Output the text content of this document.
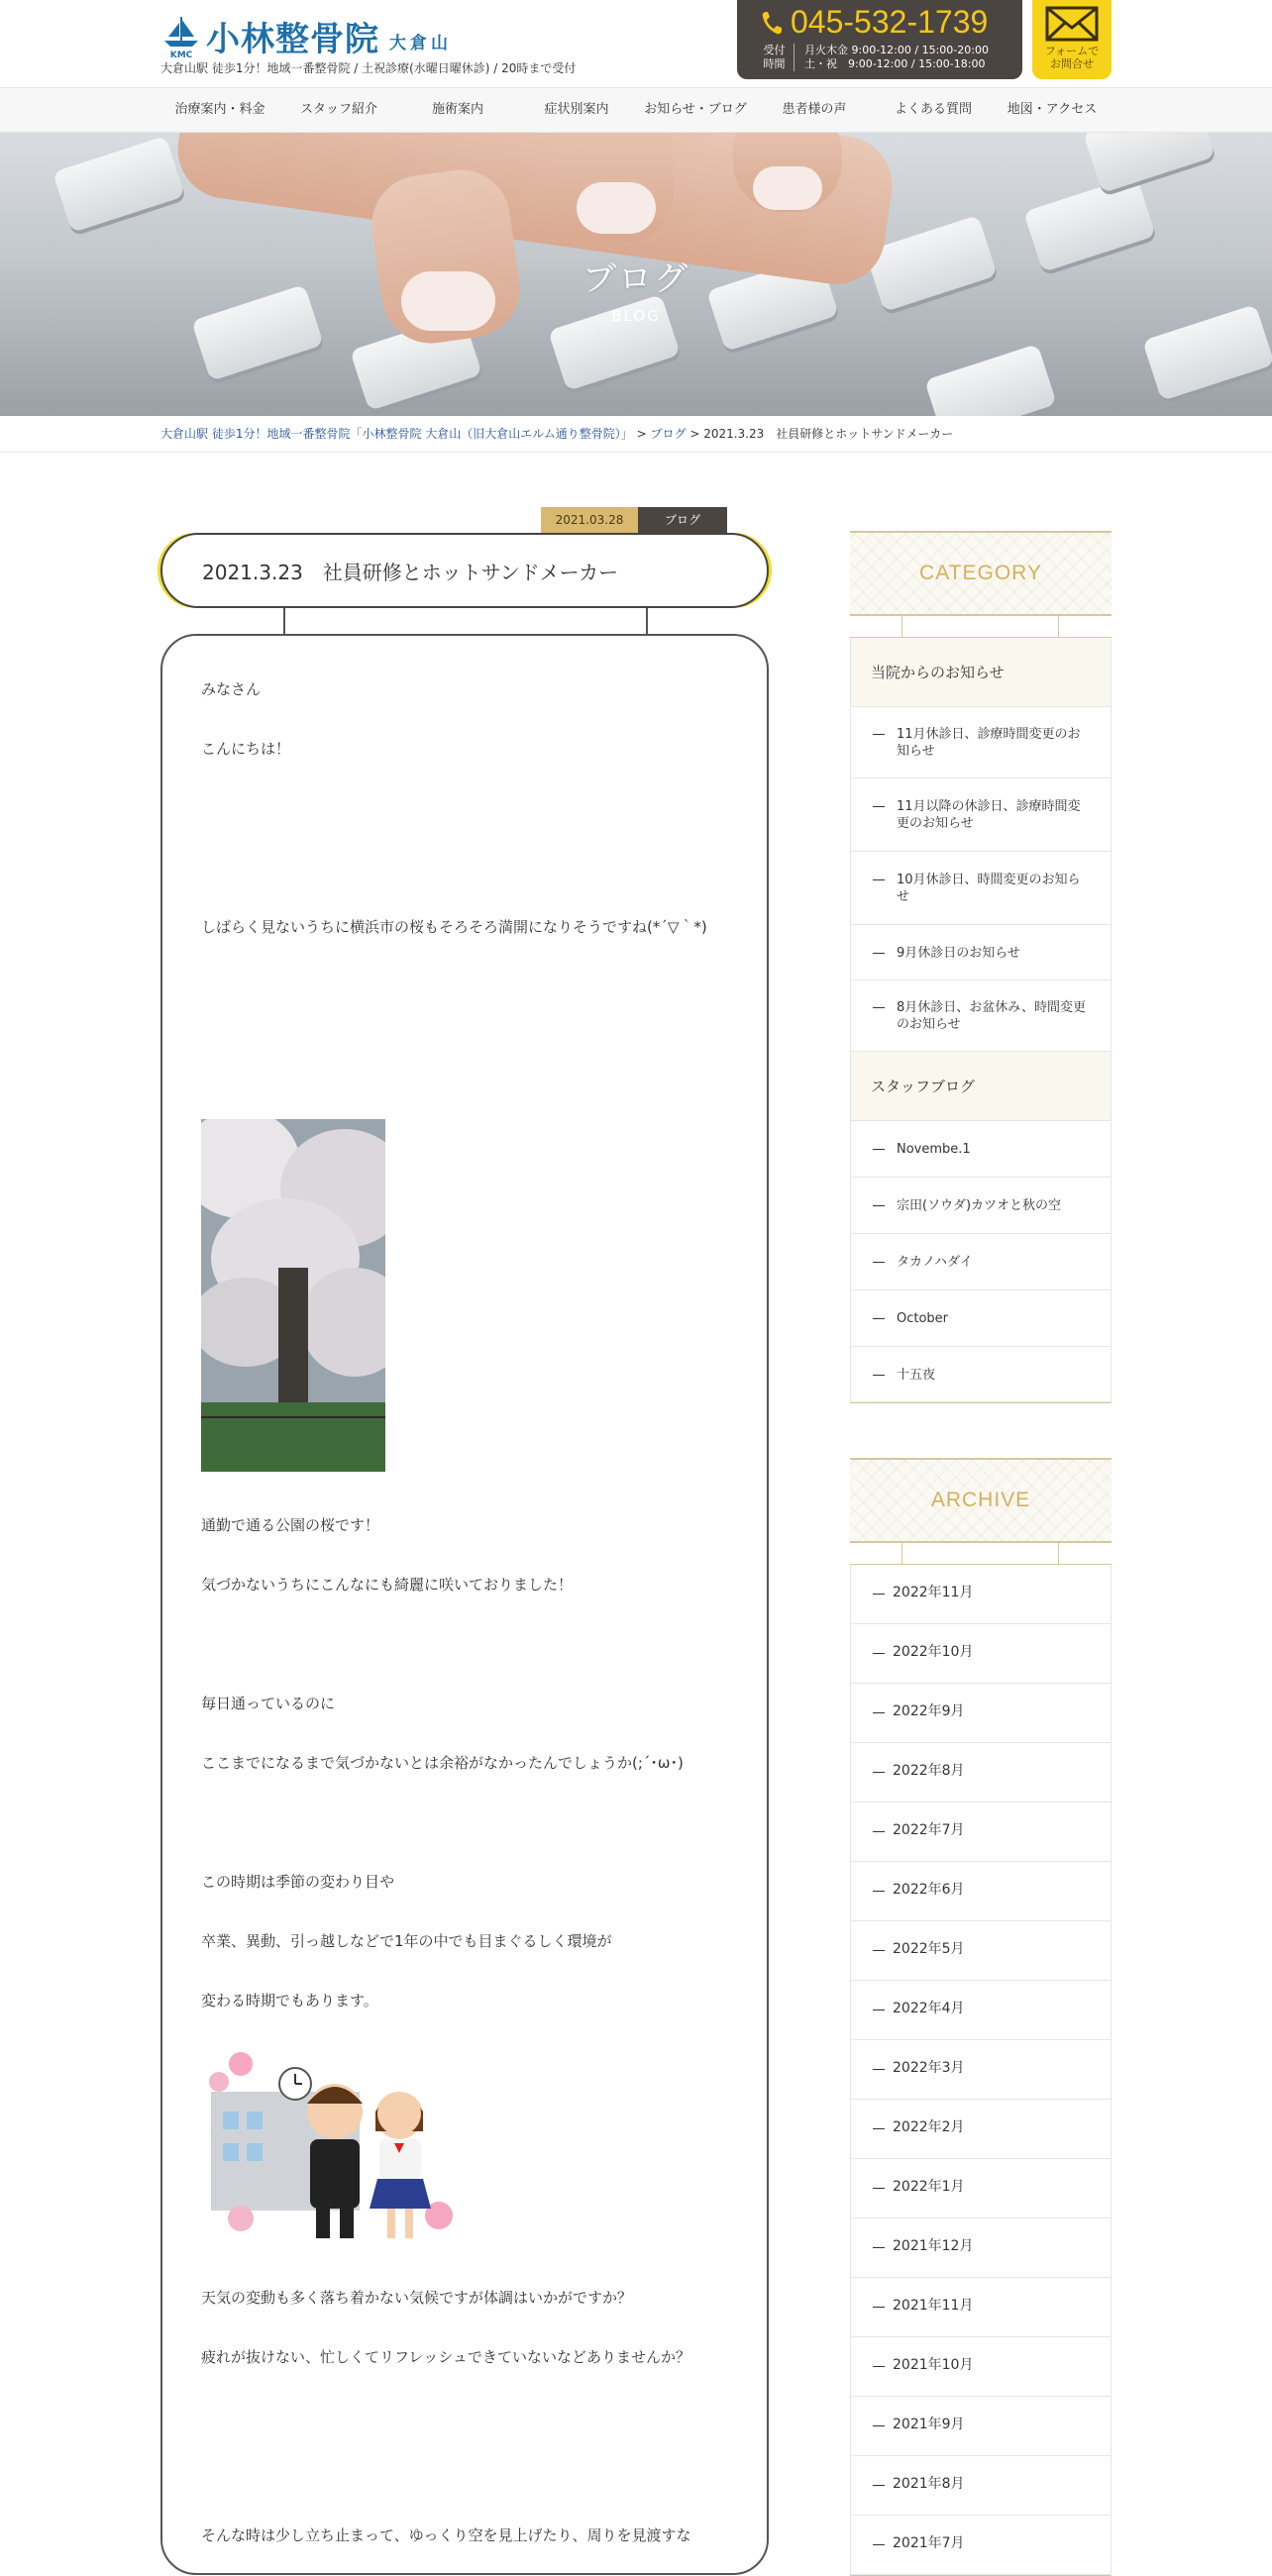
KMC 小林整骨院 大倉山
大倉山駅 徒歩1分！地域一番整骨院 / 土祝診療(水曜日曜休診) / 20時まで受付
045-532-1739
受付
時間
月火木金 9:00-12:00 / 15:00-20:00
土・祝　9:00-12:00 / 15:00-18:00
フォームで
お問合せ
治療案内・料金	スタッフ紹介	施術案内	症状別案内	お知らせ・ブログ	患者様の声	よくある質問	地図・アクセス
ブログ
BLOG
大倉山駅 徒歩1分！地域一番整骨院「小林整骨院 大倉山（旧大倉山エルム通り整骨院）」 > ブログ > 2021.3.23　社員研修とホットサンドメーカー
2021.03.28	ブログ
2021.3.23　社員研修とホットサンドメーカー
みなさん
こんにちは！
しばらく見ないうちに横浜市の桜もそろそろ満開になりそうですね(*´▽｀*)
通勤で通る公園の桜です！
気づかないうちにこんなにも綺麗に咲いておりました！
毎日通っているのに
ここまでになるまで気づかないとは余裕がなかったんでしょうか(;´･ω･)
この時期は季節の変わり目や
卒業、異動、引っ越しなどで1年の中でも目まぐるしく環境が
変わる時期でもあります。
天気の変動も多く落ち着かない気候ですが体調はいかがですか？
疲れが抜けない、忙しくてリフレッシュできていないなどありませんか？
そんな時は少し立ち止まって、ゆっくり空を見上げたり、周りを見渡すな
CATEGORY
当院からのお知らせ
11月休診日、診療時間変更のお知らせ
11月以降の休診日、診療時間変更のお知らせ
10月休診日、時間変更のお知らせ
9月休診日のお知らせ
8月休診日、お盆休み、時間変更のお知らせ
スタッフブログ
Novembe.1
宗田(ソウダ)カツオと秋の空
タカノハダイ
October
十五夜
ARCHIVE
2022年11月
2022年10月
2022年9月
2022年8月
2022年7月
2022年6月
2022年5月
2022年4月
2022年3月
2022年2月
2022年1月
2021年12月
2021年11月
2021年10月
2021年9月
2021年8月
2021年7月
